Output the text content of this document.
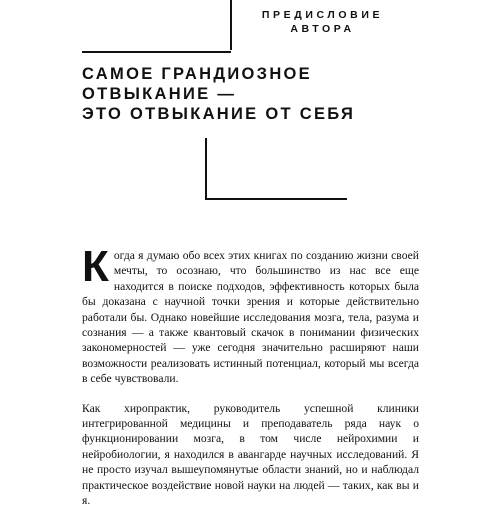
ПРЕДИСЛОВИЕ
АВТОРА
САМОЕ ГРАНДИОЗНОЕ
ОТВЫКАНИЕ —
ЭТО ОТВЫКАНИЕ ОТ СЕБЯ

Когда я думаю обо всех этих книгах по созданию жизни своей мечты, то осознаю, что большинство из нас все еще находится в поиске подходов, эффективность которых была бы доказана с научной точки зрения и которые действительно работали бы. Однако новейшие исследования мозга, тела, разума и сознания — а также квантовый скачок в понимании физических закономерностей — уже сегодня значительно расширяют наши возможности реализовать истинный потенциал, который мы всегда в себе чувствовали.

Как хиропрактик, руководитель успешной клиники интегрированной медицины и преподаватель ряда наук о функционировании мозга, в том числе нейрохимии и нейробиологии, я находился в авангарде научных исследований. Я не просто изучал вышеупомянутые области знаний, но и наблюдал практическое воздействие новой науки на людей — таких, как вы и я.
